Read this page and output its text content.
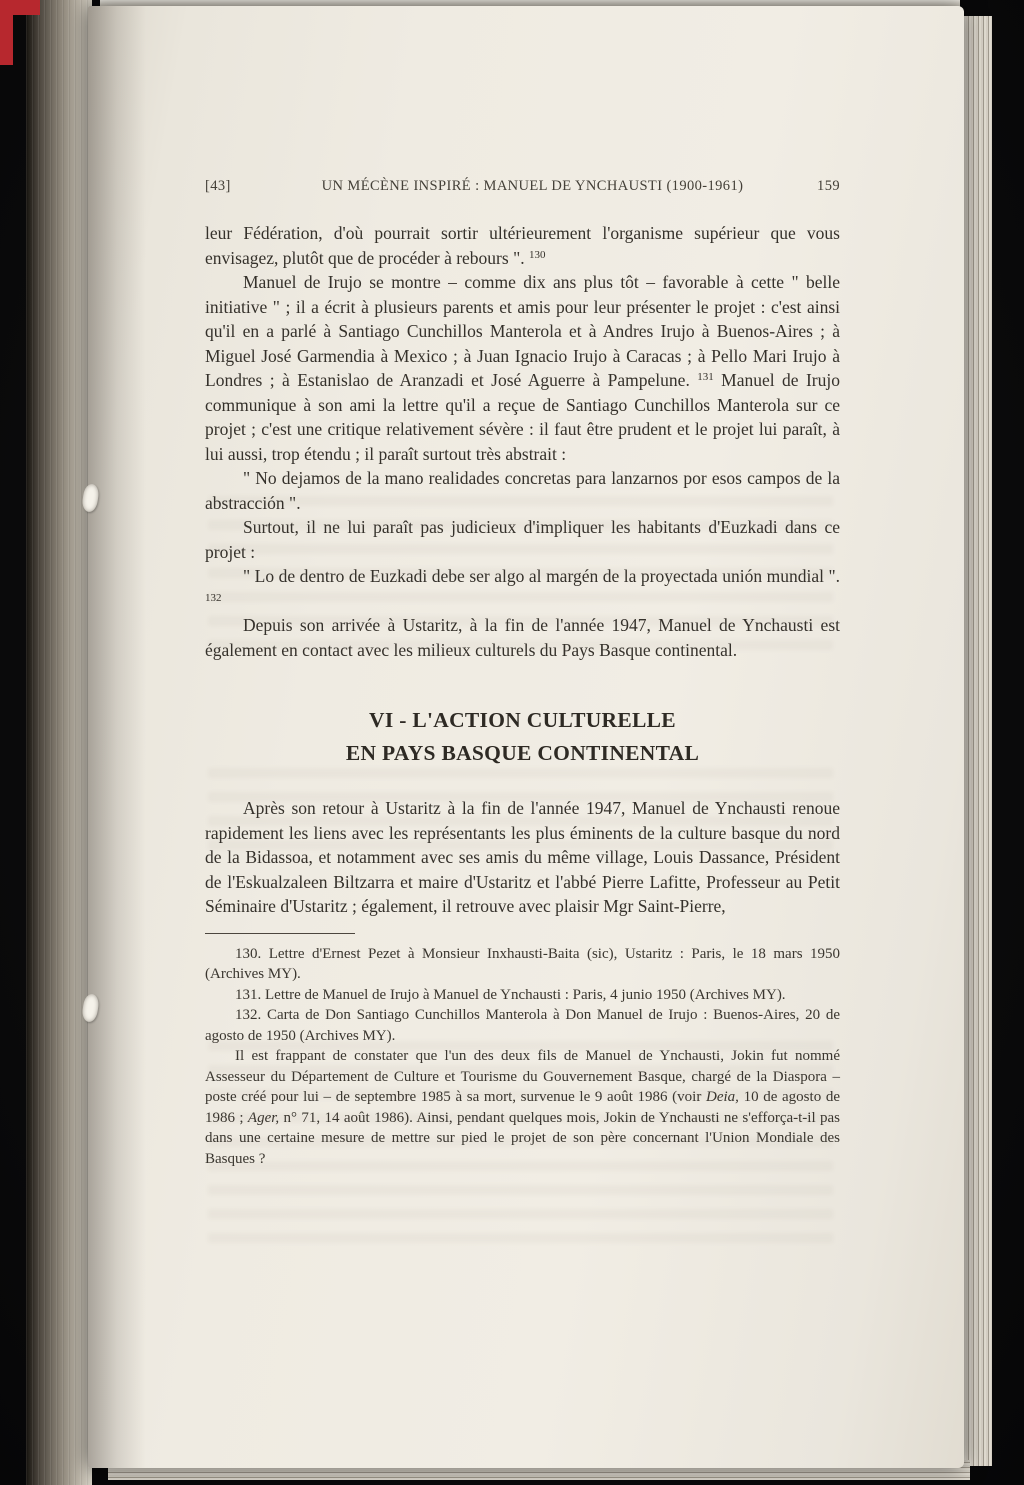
[43]	UN MÉCÈNE INSPIRÉ : MANUEL DE YNCHAUSTI (1900-1961)	159

leur Fédération, d'où pourrait sortir ultérieurement l'organisme supérieur que vous envisagez, plutôt que de procéder à rebours ". $^{130}$

Manuel de Irujo se montre – comme dix ans plus tôt – favorable à cette " belle initiative " ; il a écrit à plusieurs parents et amis pour leur présenter le projet : c'est ainsi qu'il en a parlé à Santiago Cunchillos Manterola et à Andres Irujo à Buenos-Aires ; à Miguel José Garmendia à Mexico ; à Juan Ignacio Irujo à Caracas ; à Pello Mari Irujo à Londres ; à Estanislao de Aranzadi et José Aguerre à Pampelune. $^{131}$ Manuel de Irujo communique à son ami la lettre qu'il a reçue de Santiago Cunchillos Manterola sur ce projet ; c'est une critique relativement sévère : il faut être prudent et le projet lui paraît, à lui aussi, trop étendu ; il paraît surtout très abstrait :

" No dejamos de la mano realidades concretas para lanzarnos por esos campos de la abstracción ".

Surtout, il ne lui paraît pas judicieux d'impliquer les habitants d'Euzkadi dans ce projet :

" Lo de dentro de Euzkadi debe ser algo al margén de la proyectada unión mundial ". $^{132}$

Depuis son arrivée à Ustaritz, à la fin de l'année 1947, Manuel de Ynchausti est également en contact avec les milieux culturels du Pays Basque continental.

VI - L'ACTION CULTURELLE
EN PAYS BASQUE CONTINENTAL

Après son retour à Ustaritz à la fin de l'année 1947, Manuel de Ynchausti renoue rapidement les liens avec les représentants les plus éminents de la culture basque du nord de la Bidassoa, et notamment avec ses amis du même village, Louis Dassance, Président de l'Eskualzaleen Biltzarra et maire d'Ustaritz et l'abbé Pierre Lafitte, Professeur au Petit Séminaire d'Ustaritz ; également, il retrouve avec plaisir Mgr Saint-Pierre,

130. Lettre d'Ernest Pezet à Monsieur Inxhausti-Baita (sic), Ustaritz : Paris, le 18 mars 1950 (Archives MY).

131. Lettre de Manuel de Irujo à Manuel de Ynchausti : Paris, 4 junio 1950 (Archives MY).

132. Carta de Don Santiago Cunchillos Manterola à Don Manuel de Irujo : Buenos-Aires, 20 de agosto de 1950 (Archives MY).

Il est frappant de constater que l'un des deux fils de Manuel de Ynchausti, Jokin fut nommé Assesseur du Département de Culture et Tourisme du Gouvernement Basque, chargé de la Diaspora – poste créé pour lui – de septembre 1985 à sa mort, survenue le 9 août 1986 (voir Deia, 10 de agosto de 1986 ; Ager, n° 71, 14 août 1986). Ainsi, pendant quelques mois, Jokin de Ynchausti ne s'efforça-t-il pas dans une certaine mesure de mettre sur pied le projet de son père concernant l'Union Mondiale des Basques ?
